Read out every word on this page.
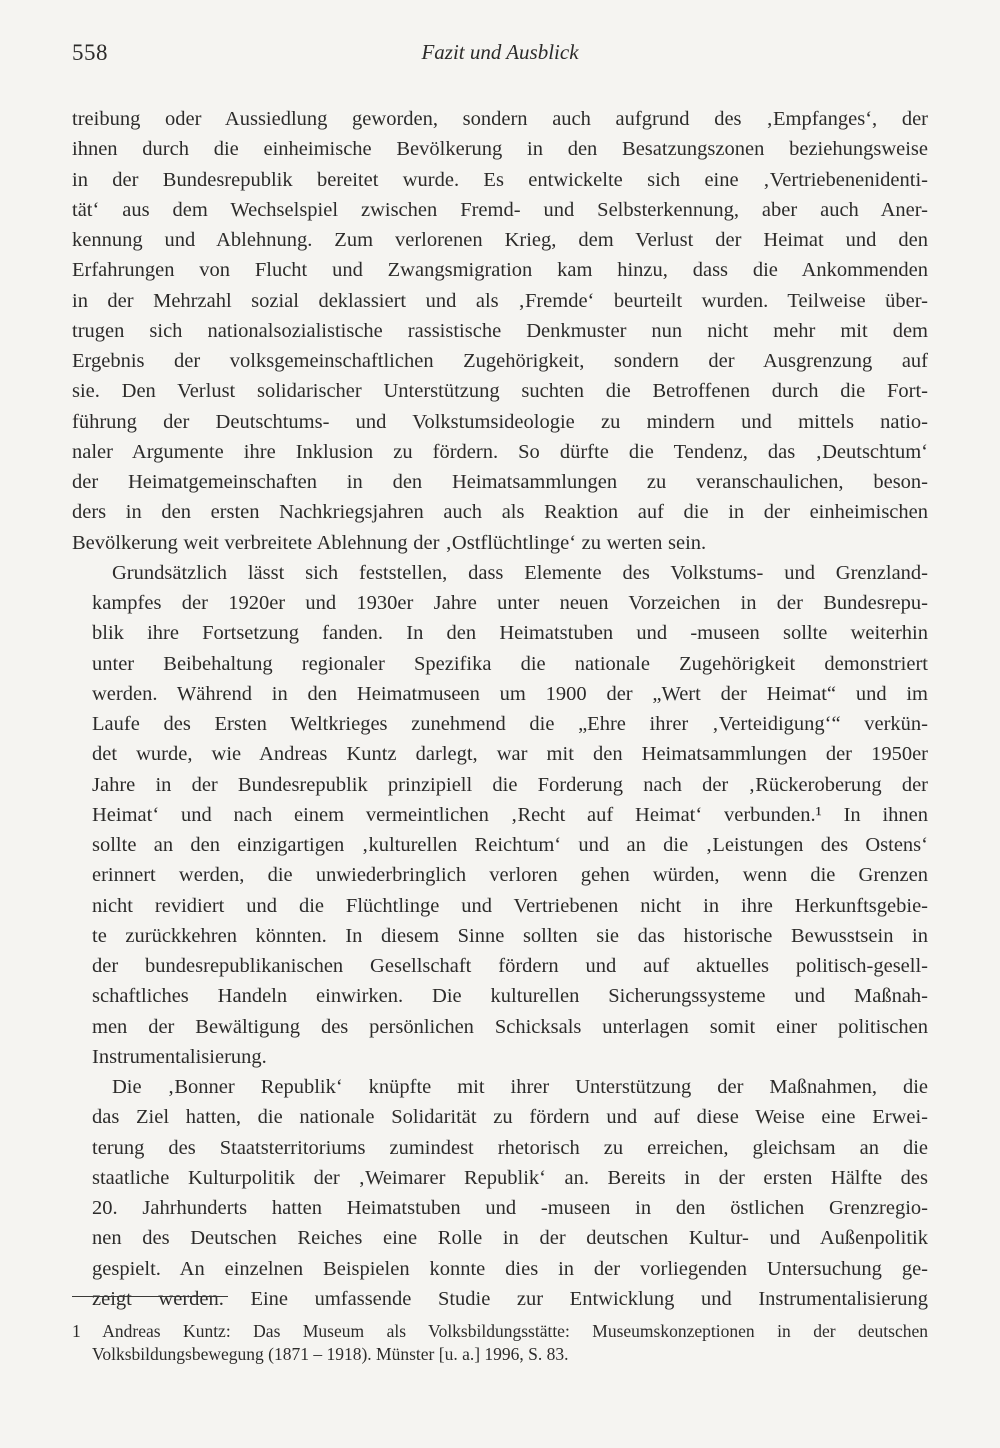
558	Fazit und Ausblick

treibung oder Aussiedlung geworden, sondern auch aufgrund des ‚Empfanges‘, der
ihnen durch die einheimische Bevölkerung in den Besatzungszonen beziehungsweise
in der Bundesrepublik bereitet wurde. Es entwickelte sich eine ‚Vertriebenenidenti-
tät‘ aus dem Wechselspiel zwischen Fremd- und Selbsterkennung, aber auch Aner-
kennung und Ablehnung. Zum verlorenen Krieg, dem Verlust der Heimat und den
Erfahrungen von Flucht und Zwangsmigration kam hinzu, dass die Ankommenden
in der Mehrzahl sozial deklassiert und als ‚Fremde‘ beurteilt wurden. Teilweise über-
trugen sich nationalsozialistische rassistische Denkmuster nun nicht mehr mit dem
Ergebnis der volksgemeinschaftlichen Zugehörigkeit, sondern der Ausgrenzung auf
sie. Den Verlust solidarischer Unterstützung suchten die Betroffenen durch die Fort-
führung der Deutschtums- und Volkstumsideologie zu mindern und mittels natio-
naler Argumente ihre Inklusion zu fördern. So dürfte die Tendenz, das ‚Deutschtum‘
der Heimatgemeinschaften in den Heimatsammlungen zu veranschaulichen, beson-
ders in den ersten Nachkriegsjahren auch als Reaktion auf die in der einheimischen
Bevölkerung weit verbreitete Ablehnung der ‚Ostflüchtlinge‘ zu werten sein.

Grundsätzlich lässt sich feststellen, dass Elemente des Volkstums- und Grenzland-
kampfes der 1920er und 1930er Jahre unter neuen Vorzeichen in der Bundesrepu-
blik ihre Fortsetzung fanden. In den Heimatstuben und -museen sollte weiterhin
unter Beibehaltung regionaler Spezifika die nationale Zugehörigkeit demonstriert
werden. Während in den Heimatmuseen um 1900 der „Wert der Heimat“ und im
Laufe des Ersten Weltkrieges zunehmend die „Ehre ihrer ‚Verteidigung‘“ verkün-
det wurde, wie Andreas Kuntz darlegt, war mit den Heimatsammlungen der 1950er
Jahre in der Bundesrepublik prinzipiell die Forderung nach der ‚Rückeroberung der
Heimat‘ und nach einem vermeintlichen ‚Recht auf Heimat‘ verbunden.¹ In ihnen
sollte an den einzigartigen ‚kulturellen Reichtum‘ und an die ‚Leistungen des Ostens‘
erinnert werden, die unwiederbringlich verloren gehen würden, wenn die Grenzen
nicht revidiert und die Flüchtlinge und Vertriebenen nicht in ihre Herkunftsgebie-
te zurückkehren könnten. In diesem Sinne sollten sie das historische Bewusstsein in
der bundesrepublikanischen Gesellschaft fördern und auf aktuelles politisch-gesell-
schaftliches Handeln einwirken. Die kulturellen Sicherungssysteme und Maßnah-
men der Bewältigung des persönlichen Schicksals unterlagen somit einer politischen
Instrumentalisierung.

Die ‚Bonner Republik‘ knüpfte mit ihrer Unterstützung der Maßnahmen, die
das Ziel hatten, die nationale Solidarität zu fördern und auf diese Weise eine Erwei-
terung des Staatsterritoriums zumindest rhetorisch zu erreichen, gleichsam an die
staatliche Kulturpolitik der ‚Weimarer Republik‘ an. Bereits in der ersten Hälfte des
20. Jahrhunderts hatten Heimatstuben und -museen in den östlichen Grenzregio-
nen des Deutschen Reiches eine Rolle in der deutschen Kultur- und Außenpolitik
gespielt. An einzelnen Beispielen konnte dies in der vorliegenden Untersuchung ge-
zeigt werden. Eine umfassende Studie zur Entwicklung und Instrumentalisierung

1 Andreas Kuntz: Das Museum als Volksbildungsstätte: Museumskonzeptionen in der deutschen
Volksbildungsbewegung (1871 – 1918). Münster [u. a.] 1996, S. 83.
